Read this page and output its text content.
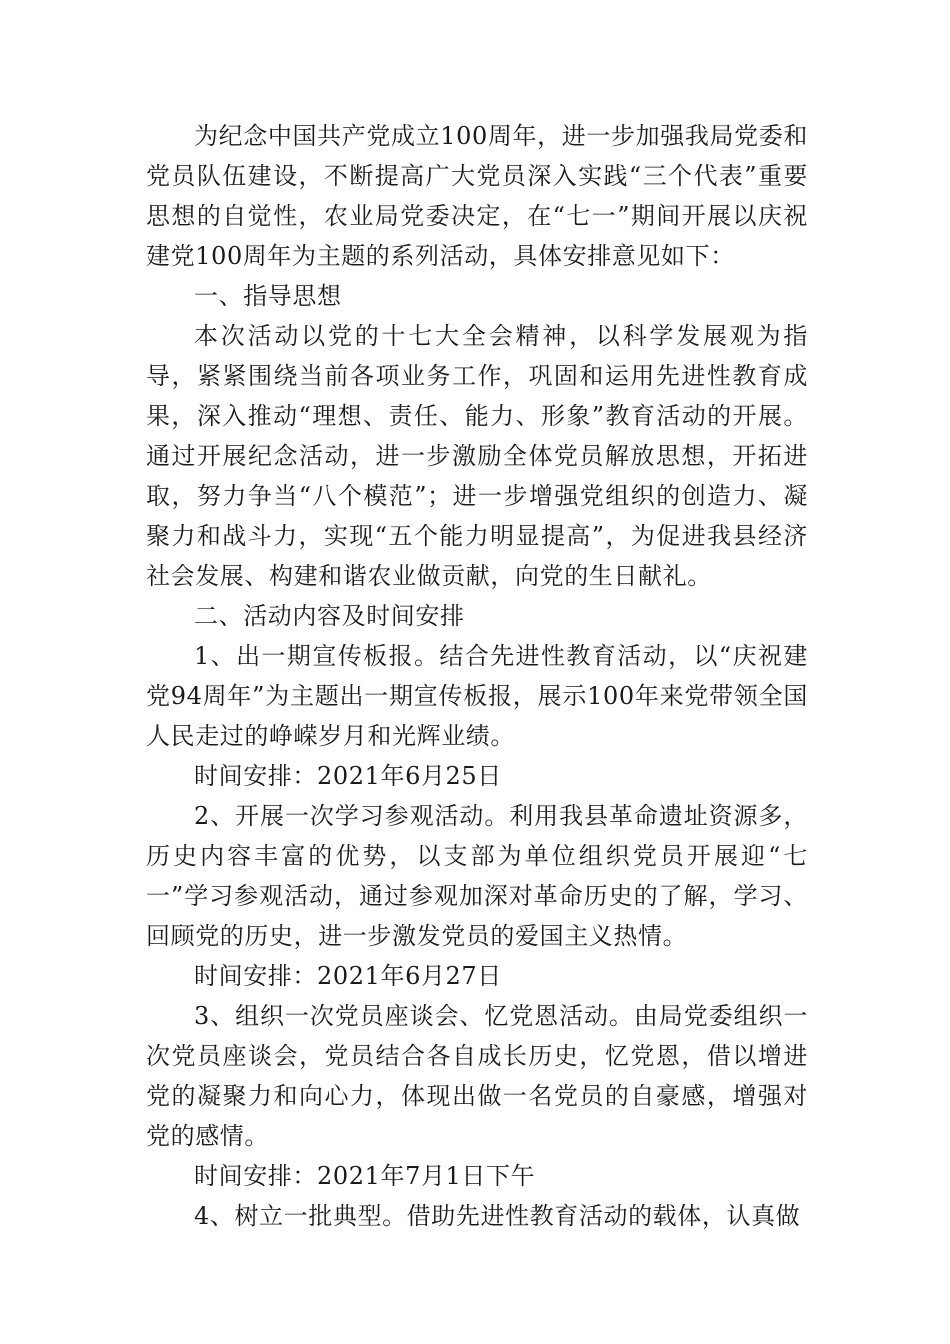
为纪念中国共产党成立100周年，进一步加强我局党委和党员队伍建设，不断提高广大党员深入实践“三个代表”重要思想的自觉性，农业局党委决定，在“七一”期间开展以庆祝建党100周年为主题的系列活动，具体安排意见如下：

一、指导思想

本次活动以党的十七大全会精神，以科学发展观为指导，紧紧围绕当前各项业务工作，巩固和运用先进性教育成果，深入推动“理想、责任、能力、形象”教育活动的开展。通过开展纪念活动，进一步激励全体党员解放思想，开拓进取，努力争当“八个模范”；进一步增强党组织的创造力、凝聚力和战斗力，实现“五个能力明显提高”，为促进我县经济社会发展、构建和谐农业做贡献，向党的生日献礼。

二、活动内容及时间安排

1、出一期宣传板报。结合先进性教育活动，以“庆祝建党94周年”为主题出一期宣传板报，展示100年来党带领全国人民走过的峥嵘岁月和光辉业绩。

时间安排：2021年6月25日

2、开展一次学习参观活动。利用我县革命遗址资源多，历史内容丰富的优势，以支部为单位组织党员开展迎“七一”学习参观活动，通过参观加深对革命历史的了解，学习、回顾党的历史，进一步激发党员的爱国主义热情。

时间安排：2021年6月27日

3、组织一次党员座谈会、忆党恩活动。由局党委组织一次党员座谈会，党员结合各自成长历史，忆党恩，借以增进党的凝聚力和向心力，体现出做一名党员的自豪感，增强对党的感情。

时间安排：2021年7月1日下午

4、树立一批典型。借助先进性教育活动的载体，认真做
